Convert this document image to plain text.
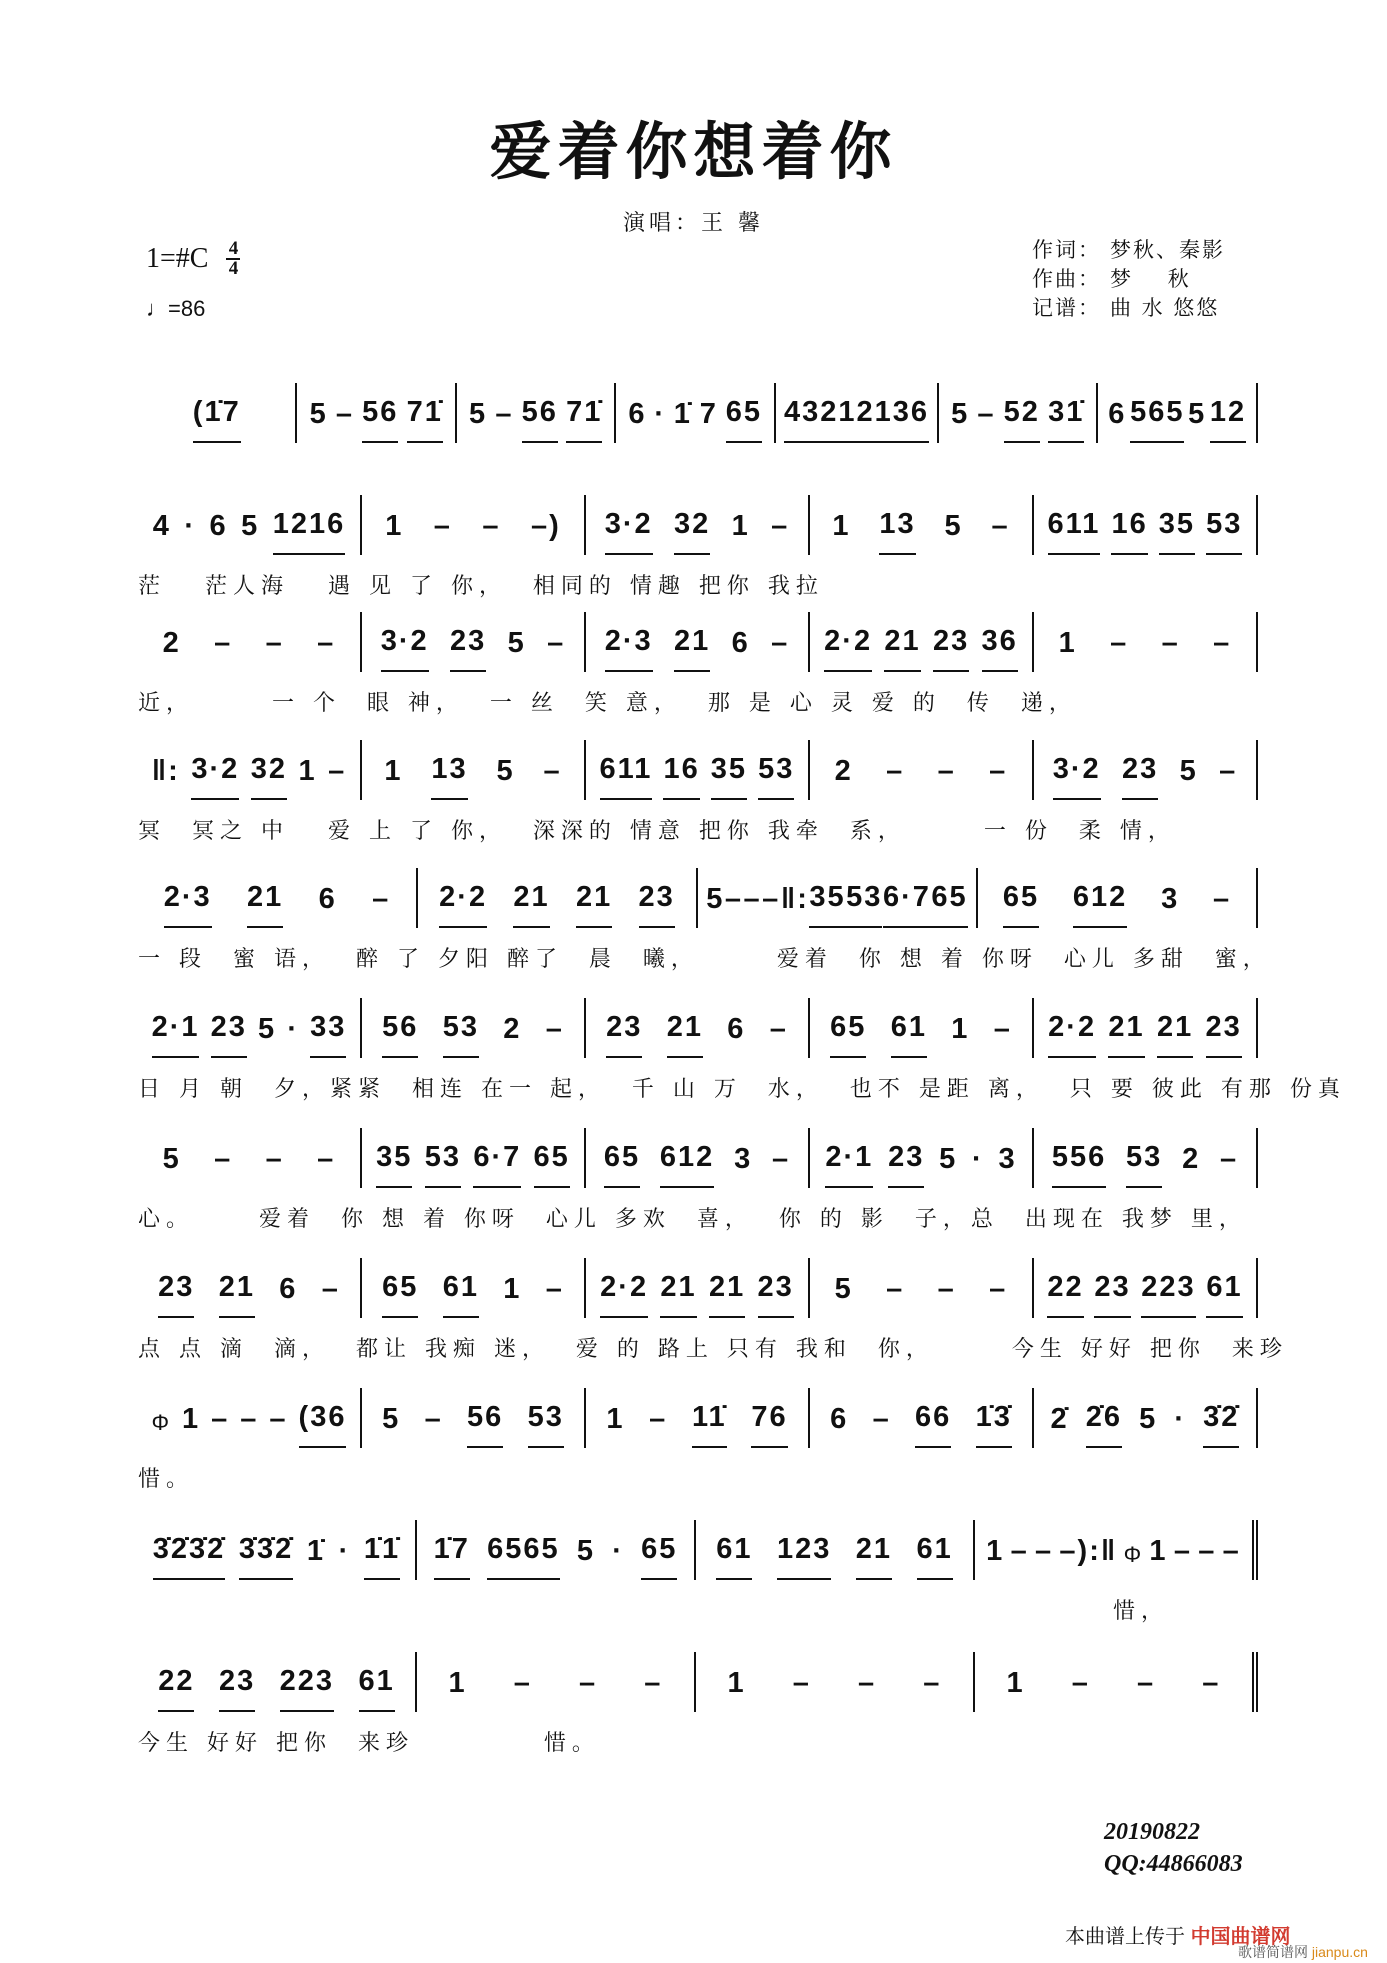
爱着你想着你
演唱：王 馨
1=#C $\frac{4}{4}$
♩=86
作词： 梦秋、秦影
作曲： 梦    秋
记谱： 曲 水 悠悠
(1̇7 5 – 56 71̇ 5 – 56 71̇ 6 · 1̇ 7 65 43 21 21 36 5 – 52 31̇ 6 565 5 12
4 · 6 5 1216 1 – – –) 3·2 32 1 – 1 13 5 – 611 16 35 53
茫   茫人海   遇 见 了 你，  相同的 情趣 把你 我拉
2 – – – 3·2 23 5 – 2·3 21 6 – 2·2 21 23 36 1 – – –
近，      一 个  眼 神，  一 丝  笑 意，  那 是 心 灵 爱 的  传  递，
‖: 3·2 32 1 – 1 13 5 – 611 16 35 53 2 – – – 3·2 23 5 –
冥  冥之 中   爱 上 了 你，  深深的 情意 把你 我牵  系，      一 份  柔 情，
2·3 21 6 – 2·2 21 21 23 5 – – – ‖: 35 53 6·7 65 65 612 3 –
一 段  蜜 语，  醉 了 夕阳 醉了  晨  曦，      爱着  你 想 着 你呀  心儿 多甜  蜜，
2·1 23 5 · 33 56 53 2 – 23 21 6 – 65 61 1 – 2·2 21 21 23
日 月 朝  夕，紧紧  相连 在一 起，  千 山 万  水，  也不 是距 离，  只 要 彼此 有那 份真
5 – – – 35 53 6·7 65 65 612 3 – 2·1 23 5 · 3 556 53 2 –
心。     爱着  你 想 着 你呀  心儿 多欢  喜，  你 的 影  子，总  出现在 我梦 里，
23 21 6 – 65 61 1 – 2·2 21 21 23 5 – – – 22 23 223 61
点 点 滴  滴，  都让 我痴 迷，  爱 的 路上 只有 我和  你，      今生 好好 把你  来珍
Φ 1 – – – (36 5 – 56 53 1 – 11̇ 76 6 – 66 1̇3̇ 2̇ 2̇6 5 · 3̇2̇
惜。
3̇2̇3̇2̇ 3̇3̇2̇ 1̇ · 1̇1̇ 1̇7 6565 5 · 65 61 123 21 61 1 – – –):‖ Φ 1 – – –
惜，
22 23 223 61 1 – – – 1 – – – 1 – – –
今生 好好 把你  来珍          惜。
20190822
QQ:44866083
本曲谱上传于 中国曲谱网
歌谱简谱网 jianpu.cn
